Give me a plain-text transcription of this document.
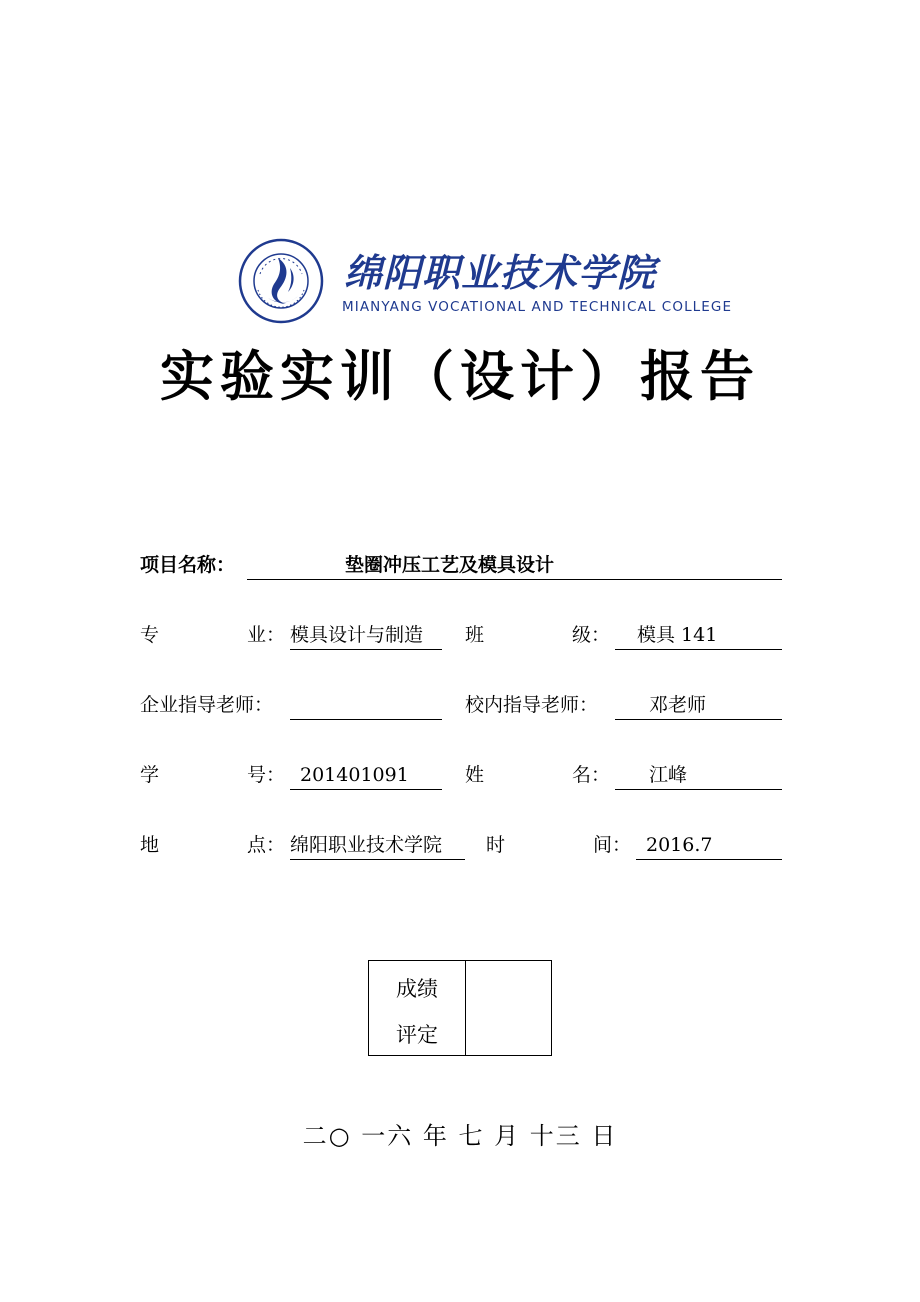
绵阳职业技术学院
MIANYANG VOCATIONAL AND TECHNICAL COLLEGE
实验实训（设计）报告
项目名称：	垫圈冲压工艺及模具设计
专	业： 模具设计与制造 班	级： 模具 141
企业指导老师：	校内指导老师：	邓老师
学	号： 201401091	姓	名： 江峰
地	点： 绵阳职业技术学院 时	间： 2016.7
成绩
评定
二○ 一六 年 七 月 十三 日
